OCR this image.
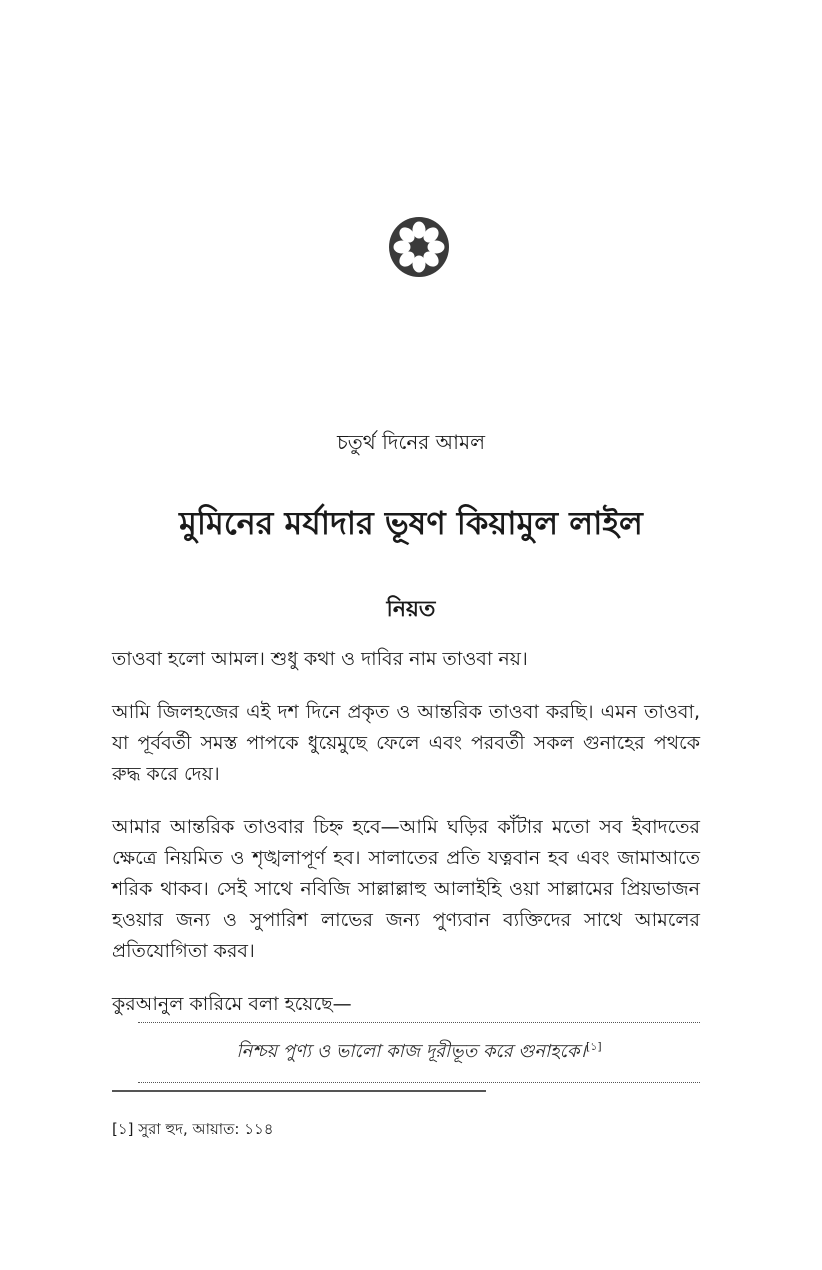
চতুর্থ দিনের আমল
মুমিনের মর্যাদার ভূষণ কিয়ামুল লাইল
নিয়ত

তাওবা হলো আমল। শুধু কথা ও দাবির নাম তাওবা নয়।

আমি জিলহজের এই দশ দিনে প্রকৃত ও আন্তরিক তাওবা করছি। এমন তাওবা, যা পূর্ববর্তী সমস্ত পাপকে ধুয়েমুছে ফেলে এবং পরবর্তী সকল গুনাহের পথকে রুদ্ধ করে দেয়।

আমার আন্তরিক তাওবার চিহ্ন হবে—আমি ঘড়ির কাঁটার মতো সব ইবাদতের ক্ষেত্রে নিয়মিত ও শৃঙ্খলাপূর্ণ হব। সালাতের প্রতি যত্নবান হব এবং জামাআতে শরিক থাকব। সেই সাথে নবিজি সাল্লাল্লাহু আলাইহি ওয়া সাল্লামের প্রিয়ভাজন হওয়ার জন্য ও সুপারিশ লাভের জন্য পুণ্যবান ব্যক্তিদের সাথে আমলের প্রতিযোগিতা করব।

কুরআনুল কারিমে বলা হয়েছে—

নিশ্চয় পুণ্য ও ভালো কাজ দূরীভূত করে গুনাহকে।[১]
[১] সুরা হুদ, আয়াত: ১১৪
